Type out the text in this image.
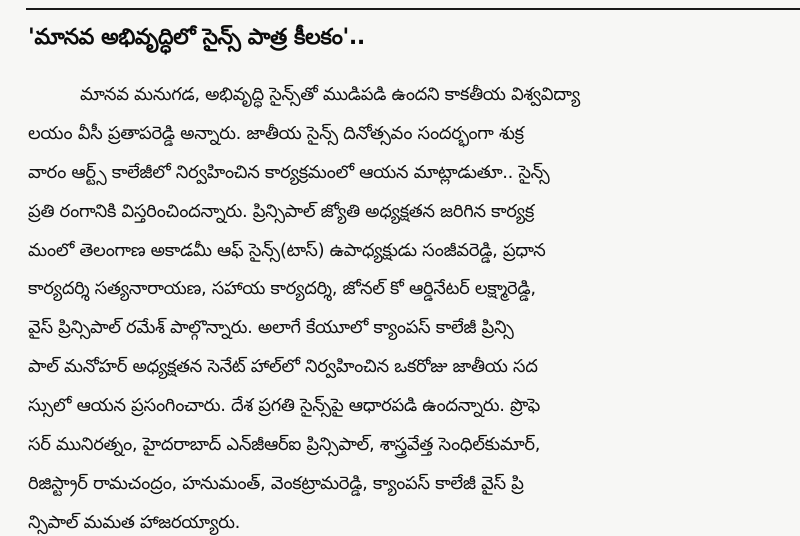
'మానవ అభివృద్ధిలో సైన్స్‌ పాత్ర కీలకం'..
మానవ మనుగడ, అభివృద్ధి సైన్స్‌తో ముడిపడి ఉందని కాకతీయ విశ్వవిద్యా
లయం వీసీ ప్రతాపరెడ్డి అన్నారు. జాతీయ సైన్స్‌ దినోత్సవం సందర్భంగా శుక్ర
వారం ఆర్ట్స్‌ కాలేజీలో నిర్వహించిన కార్యక్రమంలో ఆయన మాట్లాడుతూ.. సైన్స్‌
ప్రతి రంగానికి విస్తరించిందన్నారు. ప్రిన్సిపాల్‌ జ్యోతి అధ్యక్షతన జరిగిన కార్యక్ర
మంలో తెలంగాణ అకాడమీ ఆఫ్‌ సైన్స్‌(టాస్‌) ఉపాధ్యక్షుడు సంజీవరెడ్డి, ప్రధాన
కార్యదర్శి సత్యనారాయణ, సహాయ కార్యదర్శి, జోనల్‌ కో ఆర్డినేటర్‌ లక్ష్మారెడ్డి,
వైస్‌ ప్రిన్సిపాల్‌ రమేశ్‌ పాల్గొన్నారు. అలాగే కేయూలో క్యాంపస్‌ కాలేజీ ప్రిన్సి
పాల్‌ మనోహర్‌ అధ్యక్షతన సెనేట్‌ హాల్‌లో నిర్వహించిన ఒకరోజు జాతీయ సద
స్సులో ఆయన ప్రసంగించారు. దేశ ప్రగతి సైన్స్‌పై ఆధారపడి ఉందన్నారు. ప్రొఫె
సర్‌ మునిరత్నం, హైదరాబాద్‌ ఎన్‌జీఆర్‌ఐ ప్రిన్సిపాల్‌, శాస్త్రవేత్త సెంధిల్‌కుమార్‌,
రిజిస్ట్రార్‌ రామచంద్రం, హనుమంత్‌, వెంకట్రామరెడ్డి, క్యాంపస్‌ కాలేజీ వైస్‌ ప్రి
న్సిపాల్‌ మమత హాజరయ్యారు.
